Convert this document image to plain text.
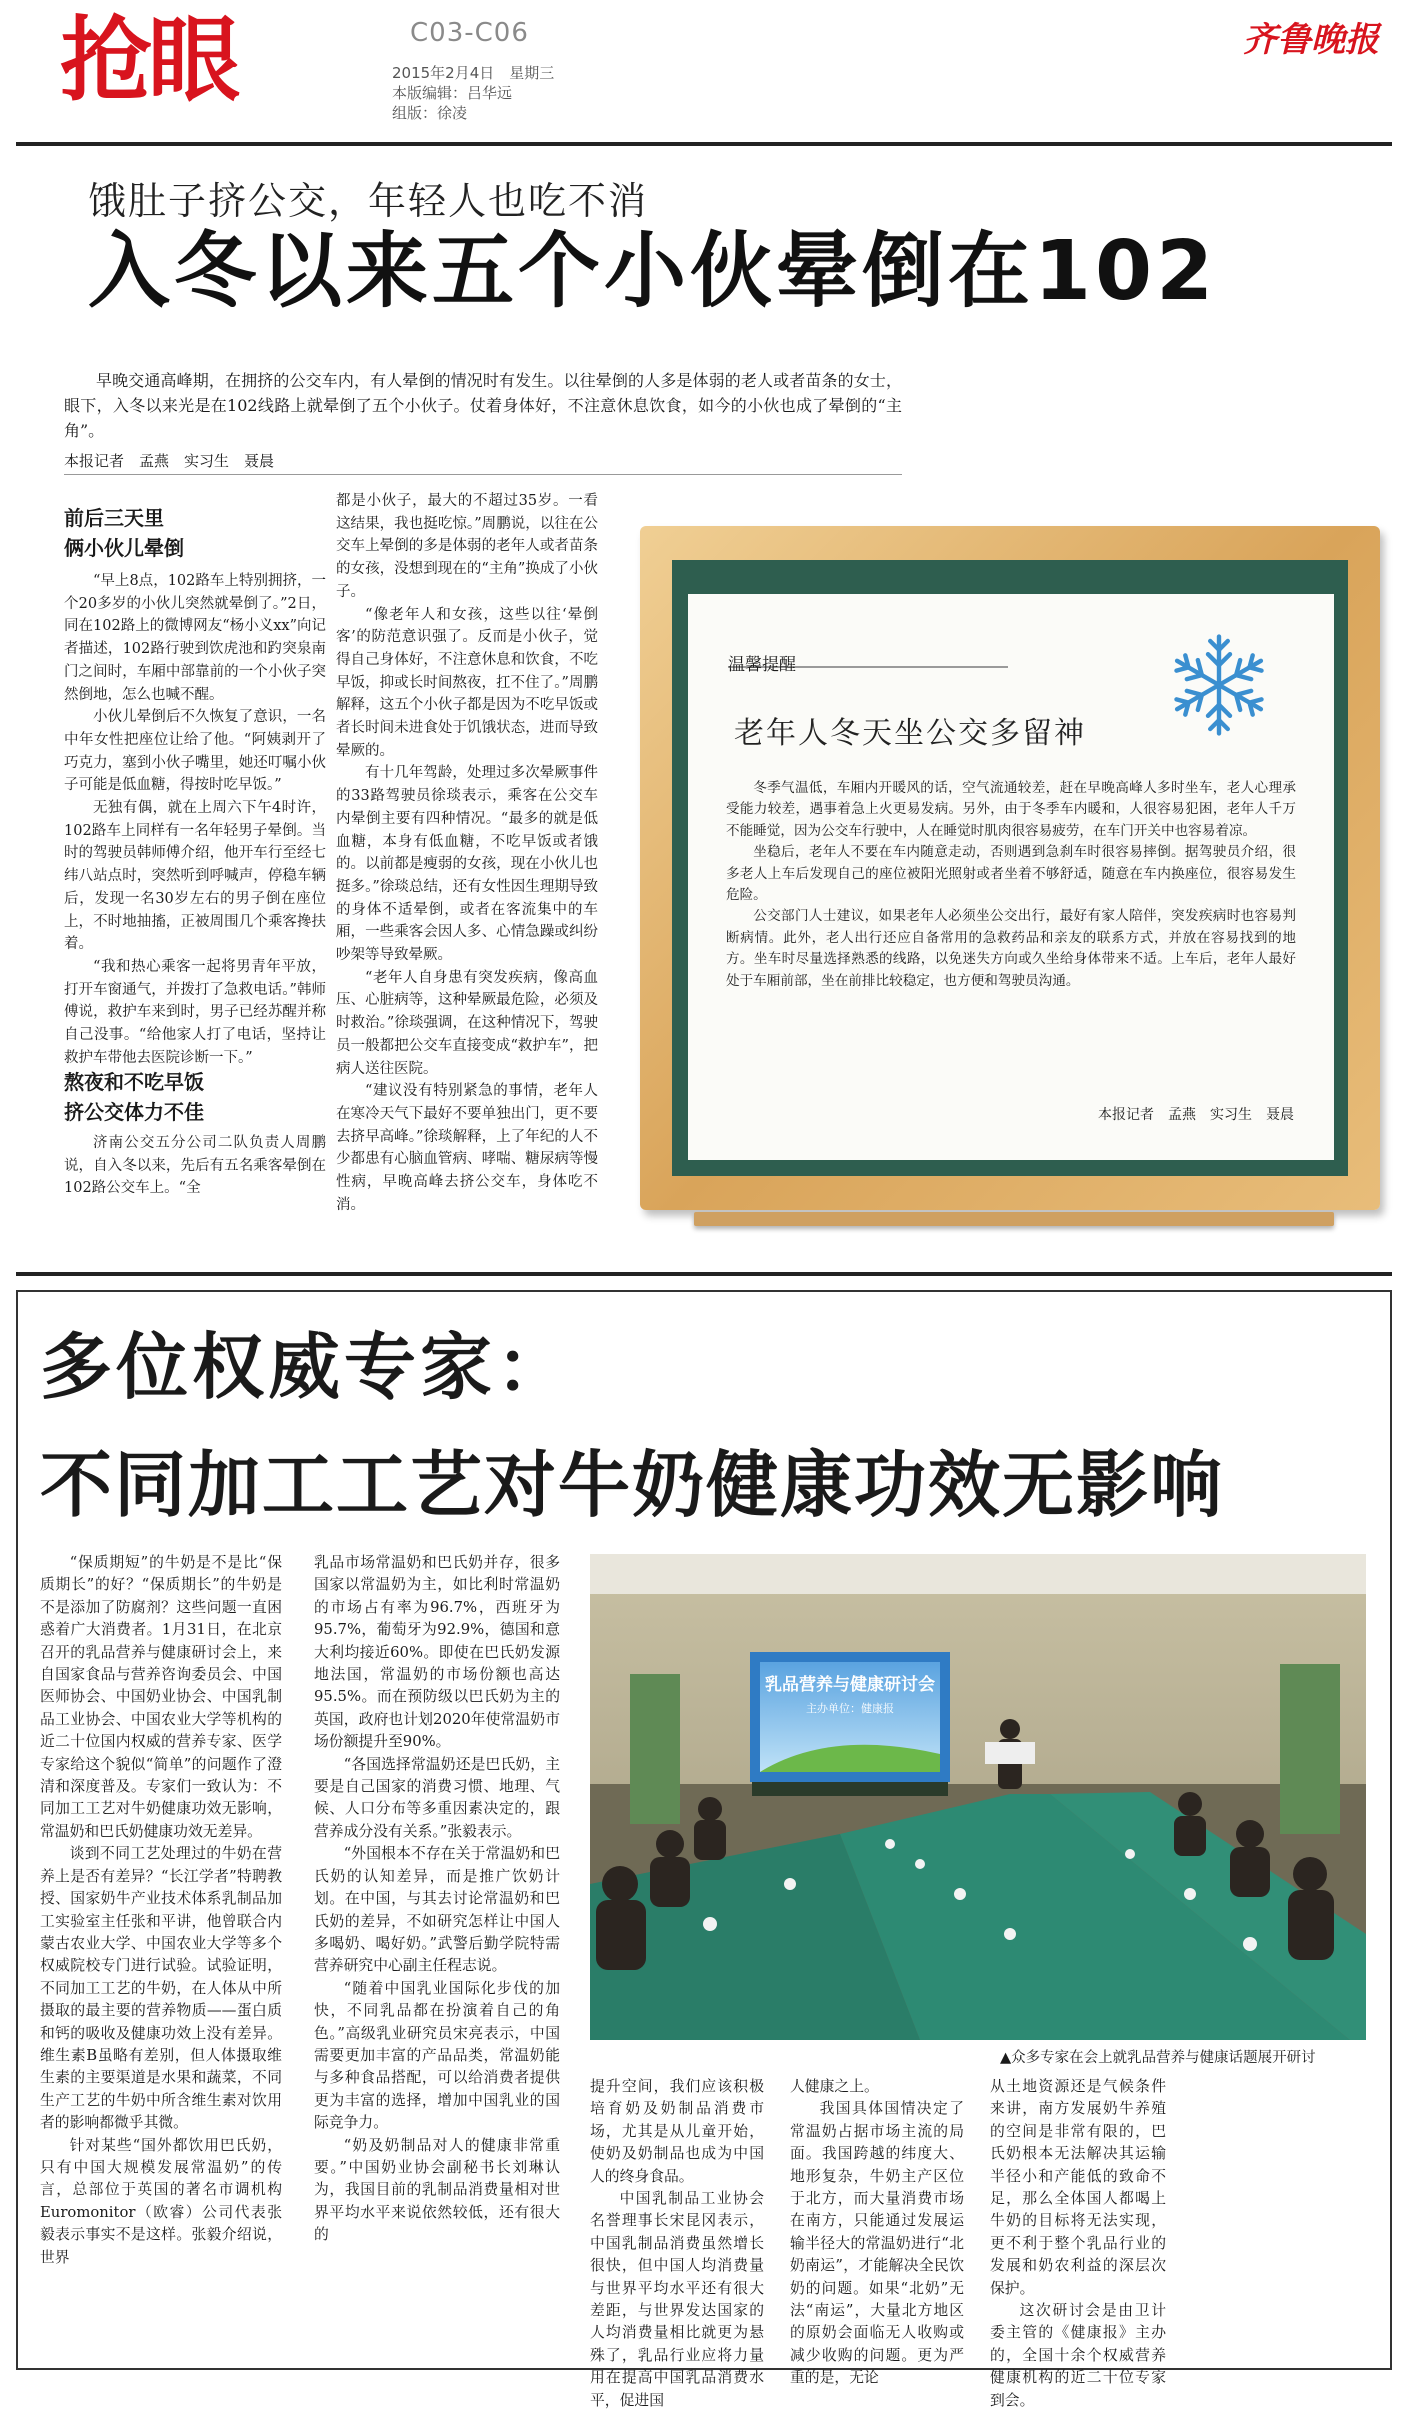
抢眼	C03-C06
2015年2月4日　星期三
本版编辑：吕华远
组版：徐凌
齐鲁晚报
饿肚子挤公交，年轻人也吃不消
入冬以来五个小伙晕倒在102
早晚交通高峰期，在拥挤的公交车内，有人晕倒的情况时有发生。以往晕倒的人多是体弱的老人或者苗条的女士，眼下，入冬以来光是在102线路上就晕倒了五个小伙子。仗着身体好，不注意休息饮食，如今的小伙也成了晕倒的“主角”。
本报记者　孟燕　实习生　聂晨
前后三天里
俩小伙儿晕倒

“早上8点，102路车上特别拥挤，一个20多岁的小伙儿突然就晕倒了。”2日，同在102路上的微博网友“杨小义xx”向记者描述，102路行驶到饮虎池和趵突泉南门之间时，车厢中部靠前的一个小伙子突然倒地，怎么也喊不醒。

小伙儿晕倒后不久恢复了意识，一名中年女性把座位让给了他。“阿姨剥开了巧克力，塞到小伙子嘴里，她还叮嘱小伙子可能是低血糖，得按时吃早饭。”

无独有偶，就在上周六下午4时许，102路车上同样有一名年轻男子晕倒。当时的驾驶员韩师傅介绍，他开车行至经七纬八站点时，突然听到呼喊声，停稳车辆后，发现一名30岁左右的男子倒在座位上，不时地抽搐，正被周围几个乘客搀扶着。

“我和热心乘客一起将男青年平放，打开车窗通气，并拨打了急救电话。”韩师傅说，救护车来到时，男子已经苏醒并称自己没事。“给他家人打了电话，坚持让救护车带他去医院诊断一下。”

熬夜和不吃早饭
挤公交体力不佳

济南公交五分公司二队负责人周鹏说，自入冬以来，先后有五名乘客晕倒在102路公交车上。“全

都是小伙子，最大的不超过35岁。一看这结果，我也挺吃惊。”周鹏说，以往在公交车上晕倒的多是体弱的老年人或者苗条的女孩，没想到现在的“主角”换成了小伙子。

“像老年人和女孩，这些以往‘晕倒客’的防范意识强了。反而是小伙子，觉得自己身体好，不注意休息和饮食，不吃早饭，抑或长时间熬夜，扛不住了。”周鹏解释，这五个小伙子都是因为不吃早饭或者长时间未进食处于饥饿状态，进而导致晕厥的。

有十几年驾龄，处理过多次晕厥事件的33路驾驶员徐琰表示，乘客在公交车内晕倒主要有四种情况。“最多的就是低血糖，本身有低血糖，不吃早饭或者饿的。以前都是瘦弱的女孩，现在小伙儿也挺多。”徐琰总结，还有女性因生理期导致的身体不适晕倒，或者在客流集中的车厢，一些乘客会因人多、心情急躁或纠纷吵架等导致晕厥。

“老年人自身患有突发疾病，像高血压、心脏病等，这种晕厥最危险，必须及时救治。”徐琰强调，在这种情况下，驾驶员一般都把公交车直接变成“救护车”，把病人送往医院。

“建议没有特别紧急的事情，老年人在寒冷天气下最好不要单独出门，更不要去挤早高峰。”徐琰解释，上了年纪的人不少都患有心脑血管病、哮喘、糖尿病等慢性病，早晚高峰去挤公交车，身体吃不消。

温馨提醒
老年人冬天坐公交多留神

冬季气温低，车厢内开暖风的话，空气流通较差，赶在早晚高峰人多时坐车，老人心理承受能力较差，遇事着急上火更易发病。另外，由于冬季车内暖和，人很容易犯困，老年人千万不能睡觉，因为公交车行驶中，人在睡觉时肌肉很容易疲劳，在车门开关中也容易着凉。

坐稳后，老年人不要在车内随意走动，否则遇到急刹车时很容易摔倒。据驾驶员介绍，很多老人上车后发现自己的座位被阳光照射或者坐着不够舒适，随意在车内换座位，很容易发生危险。

公交部门人士建议，如果老年人必须坐公交出行，最好有家人陪伴，突发疾病时也容易判断病情。此外，老人出行还应自备常用的急救药品和亲友的联系方式，并放在容易找到的地方。坐车时尽量选择熟悉的线路，以免迷失方向或久坐给身体带来不适。上车后，老年人最好处于车厢前部，坐在前排比较稳定，也方便和驾驶员沟通。

本报记者　孟燕　实习生　聂晨
多位权威专家：
不同加工工艺对牛奶健康功效无影响

“保质期短”的牛奶是不是比“保质期长”的好？“保质期长”的牛奶是不是添加了防腐剂？这些问题一直困惑着广大消费者。1月31日，在北京召开的乳品营养与健康研讨会上，来自国家食品与营养咨询委员会、中国医师协会、中国奶业协会、中国乳制品工业协会、中国农业大学等机构的近二十位国内权威的营养专家、医学专家给这个貌似“简单”的问题作了澄清和深度普及。专家们一致认为：不同加工工艺对牛奶健康功效无影响，常温奶和巴氏奶健康功效无差异。

谈到不同工艺处理过的牛奶在营养上是否有差异？“长江学者”特聘教授、国家奶牛产业技术体系乳制品加工实验室主任张和平讲，他曾联合内蒙古农业大学、中国农业大学等多个权威院校专门进行试验。试验证明，不同加工工艺的牛奶，在人体从中所摄取的最主要的营养物质——蛋白质和钙的吸收及健康功效上没有差异。维生素B虽略有差别，但人体摄取维生素的主要渠道是水果和蔬菜，不同生产工艺的牛奶中所含维生素对饮用者的影响都微乎其微。

针对某些“国外都饮用巴氏奶，只有中国大规模发展常温奶”的传言，总部位于英国的著名市调机构Euromonitor（欧睿）公司代表张毅表示事实不是这样。张毅介绍说，世界

乳品市场常温奶和巴氏奶并存，很多国家以常温奶为主，如比利时常温奶的市场占有率为96.7%，西班牙为95.7%，葡萄牙为92.9%，德国和意大利均接近60%。即使在巴氏奶发源地法国，常温奶的市场份额也高达95.5%。而在预防级以巴氏奶为主的英国，政府也计划2020年使常温奶市场份额提升至90%。

“各国选择常温奶还是巴氏奶，主要是自己国家的消费习惯、地理、气候、人口分布等多重因素决定的，跟营养成分没有关系。”张毅表示。

“外国根本不存在关于常温奶和巴氏奶的认知差异，而是推广饮奶计划。在中国，与其去讨论常温奶和巴氏奶的差异，不如研究怎样让中国人多喝奶、喝好奶。”武警后勤学院特需营养研究中心副主任程志说。

“随着中国乳业国际化步伐的加快，不同乳品都在扮演着自己的角色。”高级乳业研究员宋亮表示，中国需要更加丰富的产品品类，常温奶能与多种食品搭配，可以给消费者提供更为丰富的选择，增加中国乳业的国际竞争力。

“奶及奶制品对人的健康非常重要。”中国奶业协会副秘书长刘琳认为，我国目前的乳制品消费量相对世界平均水平来说依然较低，还有很大的

乳品营养与健康研讨会
主办单位：健康报
▲众多专家在会上就乳品营养与健康话题展开研讨

提升空间，我们应该积极培育奶及奶制品消费市场，尤其是从儿童开始，使奶及奶制品也成为中国人的终身食品。

中国乳制品工业协会名誉理事长宋昆冈表示，中国乳制品消费虽然增长很快，但中国人均消费量与世界平均水平还有很大差距，与世界发达国家的人均消费量相比就更为悬殊了，乳品行业应将力量用在提高中国乳品消费水平，促进国

人健康之上。

我国具体国情决定了常温奶占据市场主流的局面。我国跨越的纬度大、地形复杂，牛奶主产区位于北方，而大量消费市场在南方，只能通过发展运输半径大的常温奶进行“北奶南运”，才能解决全民饮奶的问题。如果“北奶”无法“南运”，大量北方地区的原奶会面临无人收购或减少收购的问题。更为严重的是，无论

从土地资源还是气候条件来讲，南方发展奶牛养殖的空间是非常有限的，巴氏奶根本无法解决其运输半径小和产能低的致命不足，那么全体国人都喝上牛奶的目标将无法实现，更不利于整个乳品行业的发展和奶农利益的深层次保护。

这次研讨会是由卫计委主管的《健康报》主办的，全国十余个权威营养健康机构的近二十位专家到会。
